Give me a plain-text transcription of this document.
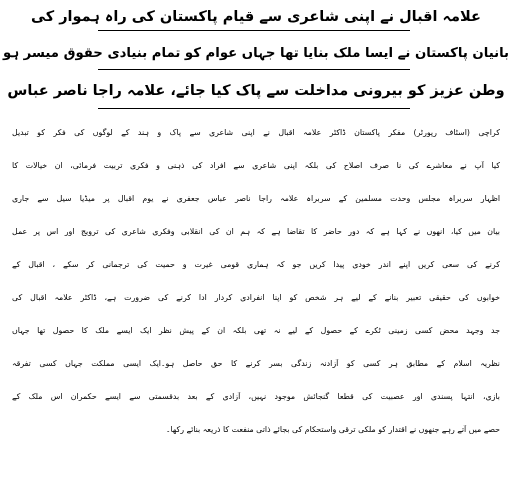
علامہ اقبال نے اپنی شاعری سے قیام پاکستان کی راہ ہموار کی
بانیان پاکستان نے ایسا ملک بنایا تھا جہاں عوام کو تمام بنیادی حقوق میسر ہو
وطن عزیز کو بیرونی مداخلت سے پاک کیا جائے، علامہ راجا ناصر عباس
کراچی (اسٹاف رپورٹر) مفکر پاکستان ڈاکٹر علامہ اقبال نے اپنی شاعری سے پاک و ہند کے لوگوں کی فکر کو تبدیل
کیا آپ نے معاشرے کی نا صرف اصلاح کی بلکہ اپنی شاعری سے افراد کی ذہنی و فکری تربیت فرمائی، ان خیالات کا
اظہار سربراہ مجلس وحدت مسلمین کے سربراہ علامہ راجا ناصر عباس جعفری نے یوم اقبال پر میڈیا سیل سے جاری
بیان میں کیا، انھوں نے کہا ہے کہ دور حاضر کا تقاضا ہے کہ ہم ان کی انقلابی وفکری شاعری کی ترویج اور اس پر عمل
کرنے کی سعی کریں اپنے اندر خودی پیدا کریں جو کہ ہماری قومی غیرت و حمیت کی ترجمانی کر سکے ، اقبال کے
خوابوں کی حقیقی تعبیر بنانے کے لیے ہر شخص کو اپنا انفرادی کردار ادا کرنے کی ضرورت ہے، ڈاکٹر علامہ اقبال کی
جد وجہد محض کسی زمینی ٹکرے کے حصول کے لیے نہ تھی بلکہ ان کے پیش نظر ایک ایسے ملک کا حصول تھا جہاں
نظریہ اسلام کے مطابق ہر کسی کو آزادنہ زندگی بسر کرنے کا حق حاصل ہو۔ایک ایسی مملکت جہاں کسی تفرقہ
بازی، انتہا پسندی اور عصبیت کی قطعا گنجائش موجود نہیں، آزادی کے بعد بدقسمتی سے ایسے حکمران اس ملک کے
حصے میں آتے رہے جنھوں نے اقتدار کو ملکی ترقی واستحکام کی بجائے ذاتی منفعت کا ذریعہ بنائے رکھا۔
